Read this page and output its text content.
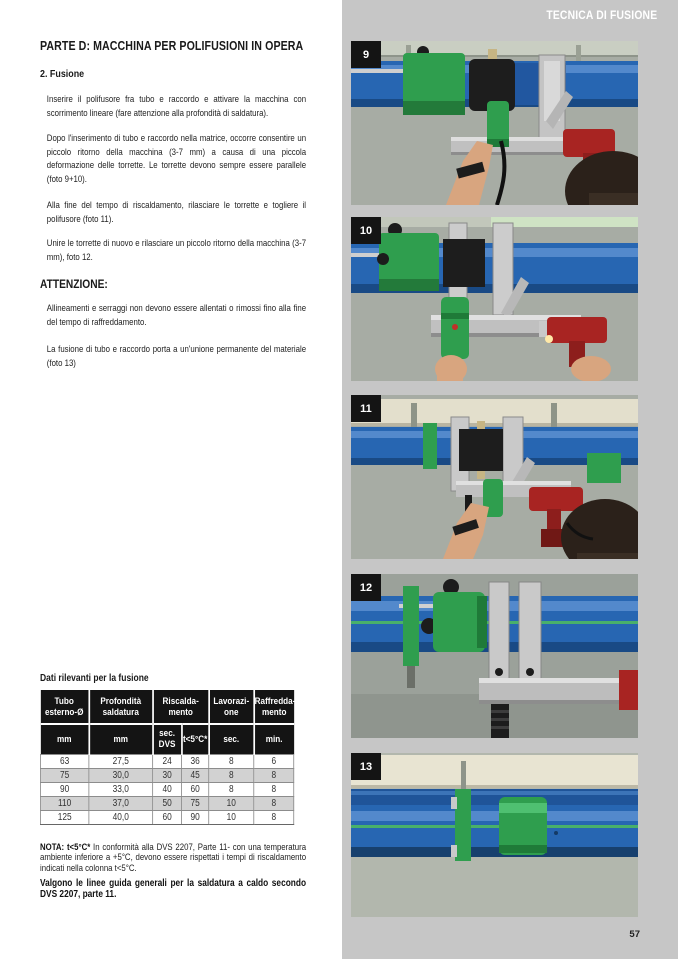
PARTE D: MACCHINA PER POLIFUSIONI IN OPERA
2. Fusione

Inserire il polifusore fra tubo e raccordo e attivare la macchina con scorrimento lineare (fare attenzione alla profondità di saldatura).

Dopo l'inserimento di tubo e raccordo nella matrice, occorre consentire un piccolo ritorno della macchina (3-7 mm) a causa di una piccola deformazione delle torrette. Le torrette devono sempre essere parallele (foto 9+10).

Alla fine del tempo di riscaldamento, rilasciare le torrette e togliere il polifusore (foto 11).

Unire le torrette di nuovo e rilasciare un piccolo ritorno della macchina (3-7 mm), foto 12.

ATTENZIONE:

Allineamenti e serraggi non devono essere allentati o rimossi fino alla fine del tempo di raffreddamento.

La fusione di tubo e raccordo porta a un'unione permanente del materiale (foto 13)

Dati rilevanti per la fusione
Tubo esterno-Ø	Profondità saldatura	Riscalda-mento		Lavorazi-one	Raffredda-mento
mm	mm	sec. DVS	t<5°C*	sec.	min.
63	27,5	24	36	8	6
75	30,0	30	45	8	8
90	33,0	40	60	8	8
110	37,0	50	75	10	8
125	40,0	60	90	10	8

NOTA: t<5°C* In conformità alla DVS 2207, Parte 11- con una temperatura ambiente inferiore a +5°C, devono essere rispettati i tempi di riscaldamento indicati nella colonna t<5°C.

Valgono le linee guida generali per la saldatura a caldo secondo DVS 2207, parte 11.

TECNICA DI FUSIONE
9
10
11
12
13
57
